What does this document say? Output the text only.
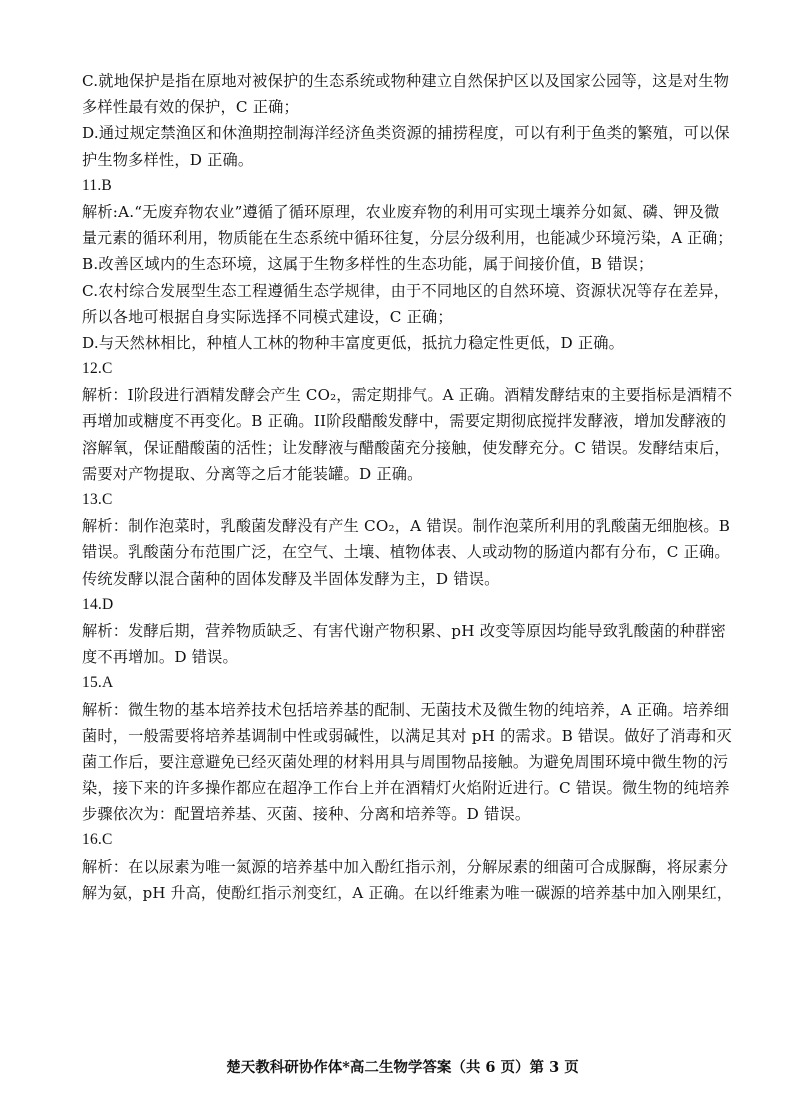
C.就地保护是指在原地对被保护的生态系统或物种建立自然保护区以及国家公园等，这是对生物
多样性最有效的保护，C 正确；
D.通过规定禁渔区和休渔期控制海洋经济鱼类资源的捕捞程度，可以有利于鱼类的繁殖，可以保
护生物多样性，D 正确。
11.B
解析:A.“无废弃物农业”遵循了循环原理，农业废弃物的利用可实现土壤养分如氮、磷、钾及微
量元素的循环利用，物质能在生态系统中循环往复，分层分级利用，也能减少环境污染，A 正确；
B.改善区域内的生态环境，这属于生物多样性的生态功能，属于间接价值，B 错误；
C.农村综合发展型生态工程遵循生态学规律，由于不同地区的自然环境、资源状况等存在差异，
所以各地可根据自身实际选择不同模式建设，C 正确；
D.与天然林相比，种植人工林的物种丰富度更低，抵抗力稳定性更低，D 正确。
12.C
解析：I阶段进行酒精发酵会产生 CO₂，需定期排气。A 正确。酒精发酵结束的主要指标是酒精不
再增加或糖度不再变化。B 正确。II阶段醋酸发酵中，需要定期彻底搅拌发酵液，增加发酵液的
溶解氧，保证醋酸菌的活性；让发酵液与醋酸菌充分接触，使发酵充分。C 错误。发酵结束后，
需要对产物提取、分离等之后才能装罐。D 正确。
13.C
解析：制作泡菜时，乳酸菌发酵没有产生 CO₂，A 错误。制作泡菜所利用的乳酸菌无细胞核。B
错误。乳酸菌分布范围广泛，在空气、土壤、植物体表、人或动物的肠道内都有分布，C 正确。
传统发酵以混合菌种的固体发酵及半固体发酵为主，D 错误。
14.D
解析：发酵后期，营养物质缺乏、有害代谢产物积累、pH 改变等原因均能导致乳酸菌的种群密
度不再增加。D 错误。
15.A
解析：微生物的基本培养技术包括培养基的配制、无菌技术及微生物的纯培养，A 正确。培养细
菌时，一般需要将培养基调制中性或弱碱性，以满足其对 pH 的需求。B 错误。做好了消毒和灭
菌工作后，要注意避免已经灭菌处理的材料用具与周围物品接触。为避免周围环境中微生物的污
染，接下来的许多操作都应在超净工作台上并在酒精灯火焰附近进行。C 错误。微生物的纯培养
步骤依次为：配置培养基、灭菌、接种、分离和培养等。D 错误。
16.C
解析：在以尿素为唯一氮源的培养基中加入酚红指示剂，分解尿素的细菌可合成脲酶，将尿素分
解为氨，pH 升高，使酚红指示剂变红，A 正确。在以纤维素为唯一碳源的培养基中加入刚果红，
楚天教科研协作体*高二生物学答案（共 6 页）第 3 页
